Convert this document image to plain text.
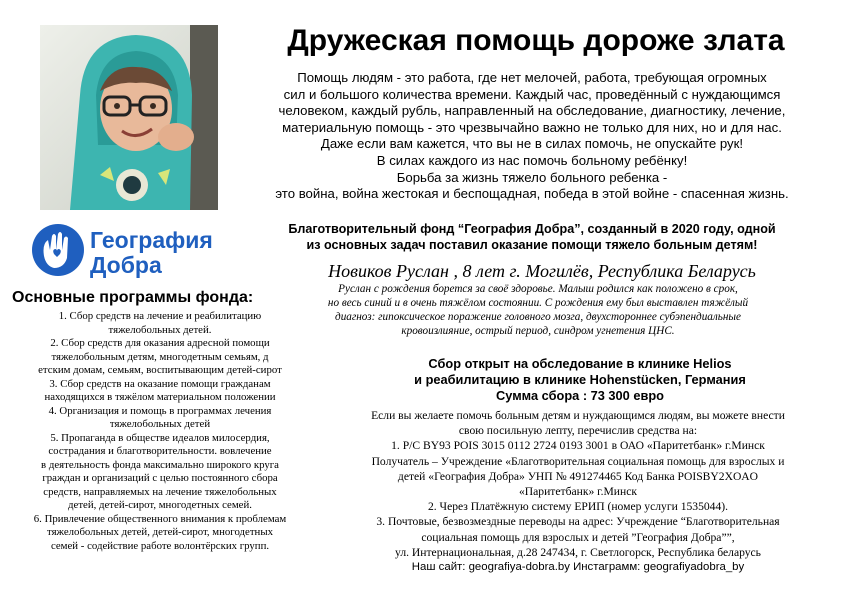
Дружеская помощь дороже злата
Помощь людям - это работа, где нет мелочей, работа, требующая огромных
сил и большого количества времени. Каждый час, проведённый с нуждающимся
человеком, каждый рубль, направленный на обследование, диагностику, лечение,
материальную помощь - это чрезвычайно важно не только для них, но и для нас.
Даже если вам кажется, что вы не в силах помочь, не опускайте рук!
В силах каждого из нас помочь больному ребёнку!
Борьба за жизнь тяжело больного ребенка -
это война, война жестокая и беспощадная, победа в этой войне - спасенная жизнь.
География
Добра
Благотворительный фонд “География Добра”, созданный в 2020 году, одной
из основных задач поставил оказание помощи тяжело больным детям!
Новиков Руслан , 8 лет г. Могилёв, Республика Беларусь
Руслан с рождения борется за своё здоровье. Малыш родился как положено в срок,
но весь синий и в очень тяжёлом состоянии. С рождения ему был выставлен тяжёлый
диагноз: гипоксическое поражение головного мозга, двухстороннее субэпендиальные
кровоизлияние, острый период, синдром угнетения ЦНС.
Основные программы фонда:
1. Сбор средств на лечение и реабилитацию
тяжелобольных детей.
2. Сбор средств для оказания адресной помощи
тяжелобольным детям, многодетным семьям, д
етским домам, семьям, воспитывающим детей-сирот
3. Сбор средств на оказание помощи гражданам
находящихся в тяжёлом материальном положении
4. Организация и помощь в программах лечения
тяжелобольных детей
5. Пропаганда в обществе идеалов милосердия,
сострадания и благотворительности. вовлечение
в деятельность фонда максимально широкого круга
граждан и организаций с целью постоянного сбора
средств, направляемых на лечение тяжелобольных
детей, детей-сирот, многодетных семей.
6. Привлечение общественного внимания к проблемам
тяжелобольных детей, детей-сирот, многодетных
семей - содействие работе волонтёрских групп.
Сбор открыт на обследование в клинике Helios
и реабилитацию в клинике Hohenstücken, Германия
Сумма сбора : 73 300 евро
Если вы желаете помочь больным детям и нуждающимся людям, вы можете внести
свою посильную лепту, перечислив средства на:
1. Р/С BY93 POIS 3015 0112 2724 0193 3001 в ОАО «Паритетбанк» г.Минск
Получатель – Учреждение «Благотворительная социальная помощь для взрослых и
детей «География Добра» УНП № 491274465 Код Банка POISBY2XOAO
«Паритетбанк» г.Минск
2. Через Платёжную систему ЕРИП (номер услуги 1535044).
3. Почтовые, безвозмездные переводы на адрес: Учреждение “Благотворительная
социальная помощь для взрослых и детей ”География Добра””,
ул. Интернациональная, д.28 247434, г. Светлогорск, Республика беларусь
Наш сайт: geografiya-dobra.by Инстаграмм: geografiyadobra_by
